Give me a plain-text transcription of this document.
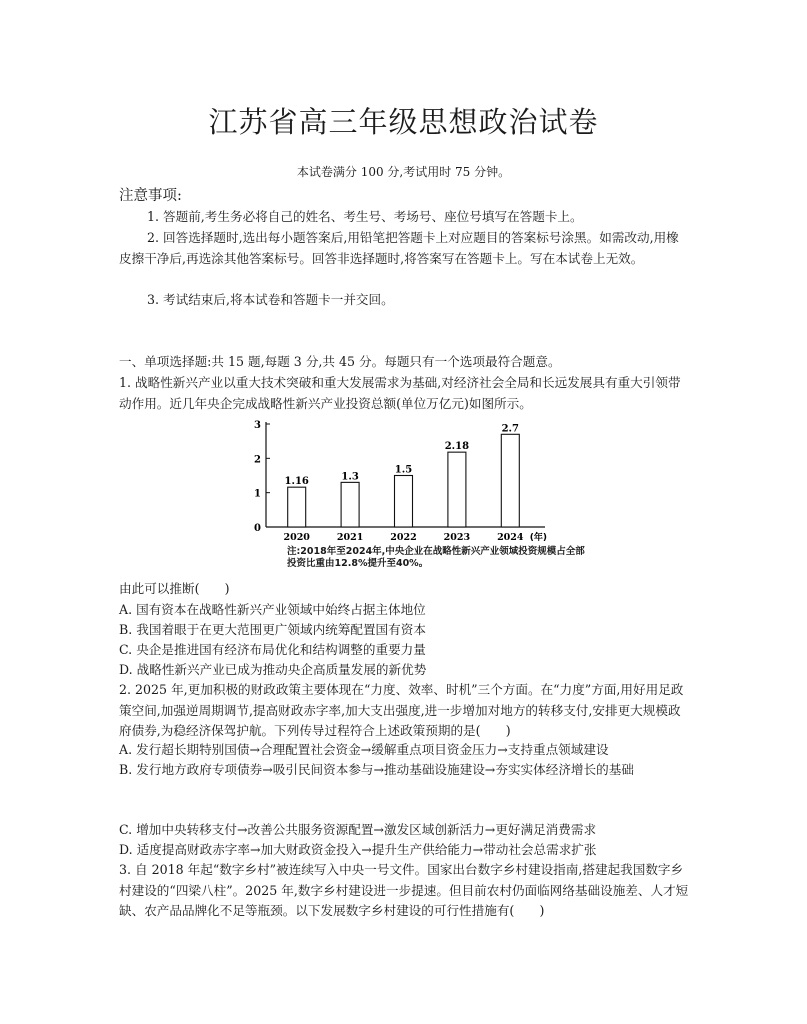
江苏省高三年级思想政治试卷
本试卷满分 100 分,考试用时 75 分钟。
注意事项:
1. 答题前,考生务必将自己的姓名、考生号、考场号、座位号填写在答题卡上。
2. 回答选择题时,选出每小题答案后,用铅笔把答题卡上对应题目的答案标号涂黑。如需改动,用橡皮擦干净后,再选涂其他答案标号。回答非选择题时,将答案写在答题卡上。写在本试卷上无效。
3. 考试结束后,将本试卷和答题卡一并交回。
一、单项选择题:共 15 题,每题 3 分,共 45 分。每题只有一个选项最符合题意。
1. 战略性新兴产业以重大技术突破和重大发展需求为基础,对经济社会全局和长远发展具有重大引领带动作用。近几年央企完成战略性新兴产业投资总额(单位万亿元)如图所示。
0
1
2
3
1.16
2020
1.3
2021
1.5
2022
2.18
2023
2.7
2024 (年)
注:2018年至2024年,中央企业在战略性新兴产业领域投资规模占全部投资比重由12.8%提升至40%。
由此可以推断(　　)
A. 国有资本在战略性新兴产业领域中始终占据主体地位
B. 我国着眼于在更大范围更广领域内统筹配置国有资本
C. 央企是推进国有经济布局优化和结构调整的重要力量
D. 战略性新兴产业已成为推动央企高质量发展的新优势
2. 2025 年,更加积极的财政政策主要体现在“力度、效率、时机”三个方面。在“力度”方面,用好用足政策空间,加强逆周期调节,提高财政赤字率,加大支出强度,进一步增加对地方的转移支付,安排更大规模政府债券,为稳经济保驾护航。下列传导过程符合上述政策预期的是(　　)
A. 发行超长期特别国债→合理配置社会资金→缓解重点项目资金压力→支持重点领域建设
B. 发行地方政府专项债券→吸引民间资本参与→推动基础设施建设→夯实实体经济增长的基础
C. 增加中央转移支付→改善公共服务资源配置→激发区域创新活力→更好满足消费需求
D. 适度提高财政赤字率→加大财政资金投入→提升生产供给能力→带动社会总需求扩张
3. 自 2018 年起“数字乡村”被连续写入中央一号文件。国家出台数字乡村建设指南,搭建起我国数字乡村建设的“四梁八柱”。2025 年,数字乡村建设进一步提速。但目前农村仍面临网络基础设施差、人才短缺、农产品品牌化不足等瓶颈。以下发展数字乡村建设的可行性措施有(　　)
